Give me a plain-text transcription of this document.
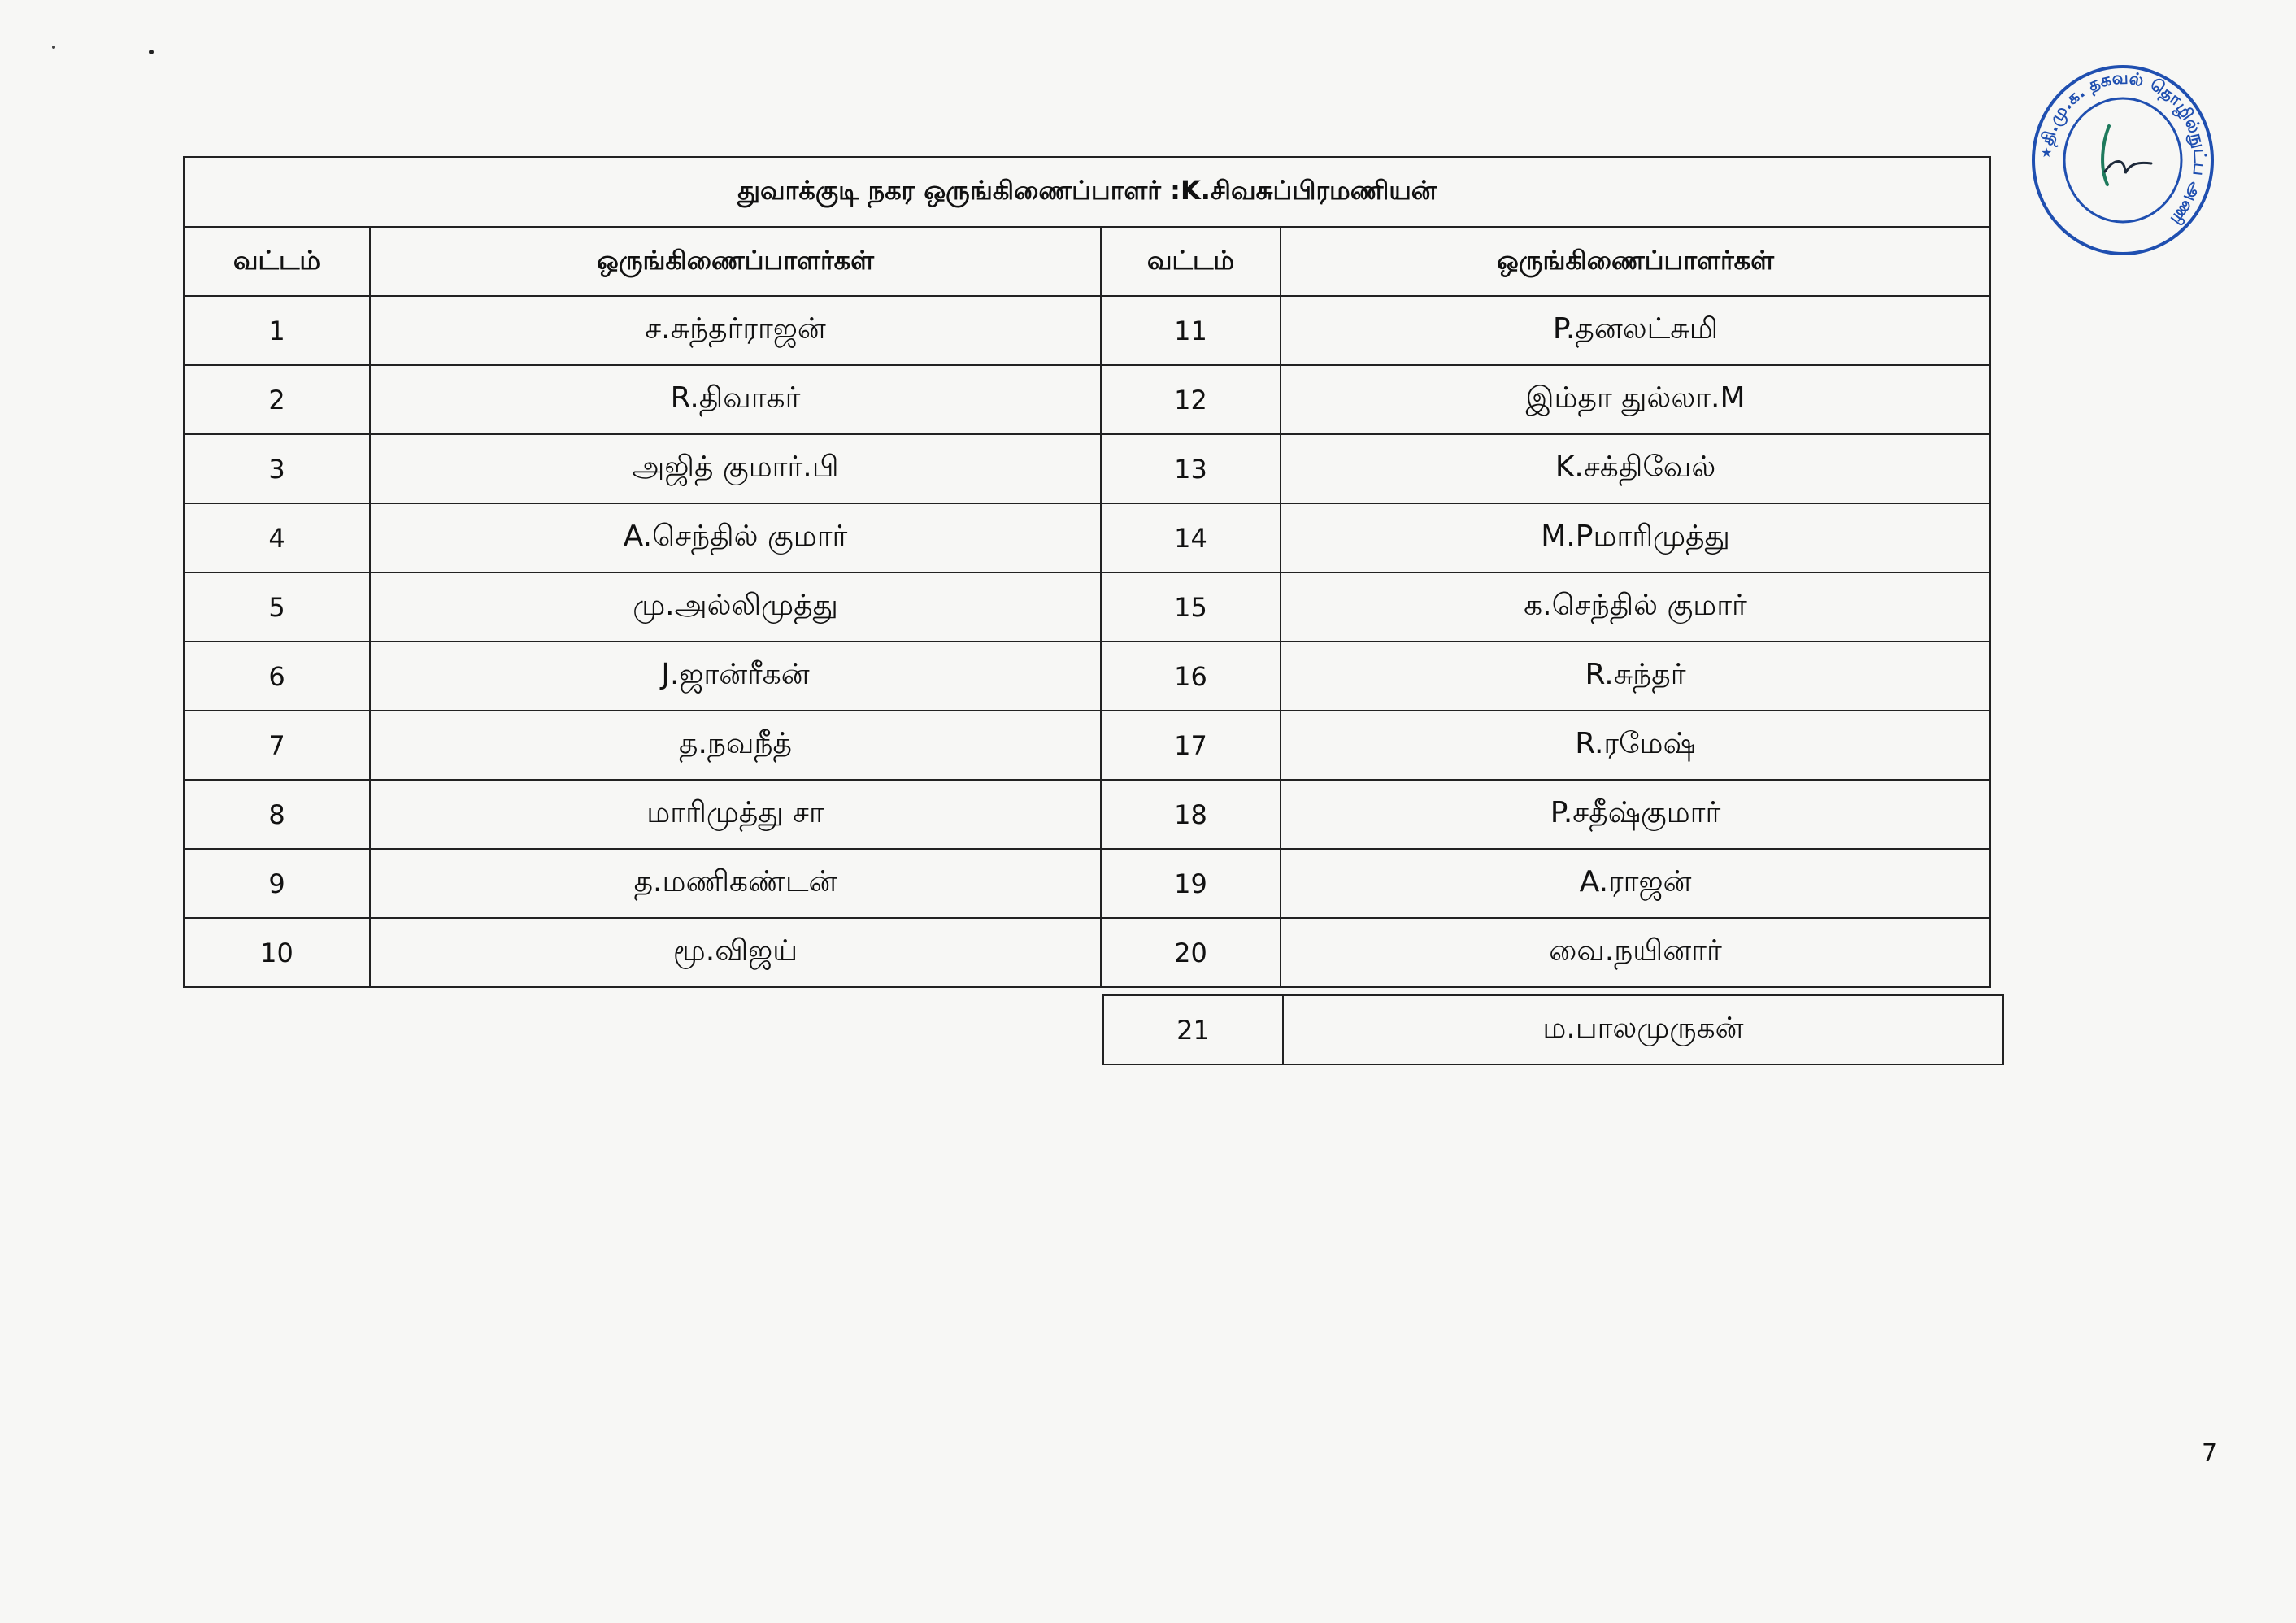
துவாக்குடி நகர ஒருங்கிணைப்பாளர் :K.சிவசுப்பிரமணியன்			
வட்டம்	ஒருங்கிணைப்பாளர்கள்	வட்டம்	ஒருங்கிணைப்பாளர்கள்
1	ச.சுந்தர்ராஜன்	11	P.தனலட்சுமி
2	R.திவாகர்	12	இம்தா துல்லா.M
3	அஜித் குமார்.பி	13	K.சக்திவேல்
4	A.செந்தில் குமார்	14	M.Pமாரிமுத்து
5	மு.அல்லிமுத்து	15	க.செந்தில் குமார்
6	J.ஜான்ரீகன்	16	R.சுந்தர்
7	த.நவநீத்	17	R.ரமேஷ்
8	மாரிமுத்து சா	18	P.சதீஷ்குமார்
9	த.மணிகண்டன்	19	A.ராஜன்
10	மூ.விஜய்	20	வை.நயினார்
21	ம.பாலமுருகன்
7
தி.மு.க. தகவல் தொழில்நுட்ப அணி
★
